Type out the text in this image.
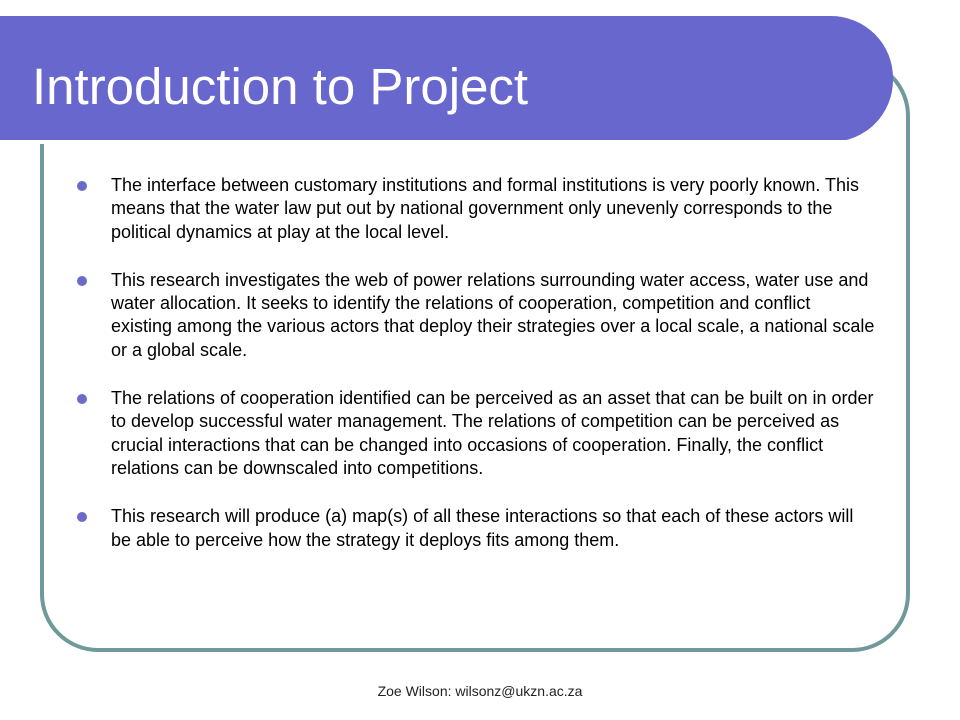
Introduction to Project
The interface between customary institutions and formal institutions is very poorly known. This means that the water law put out by national government only unevenly corresponds to the political dynamics at play at the local level.
This research investigates the web of power relations surrounding water access, water use and water allocation. It seeks to identify the relations of cooperation, competition and conflict existing among the various actors that deploy their strategies over a local scale, a national scale or a global scale.
The relations of cooperation identified can be perceived as an asset that can be built on in order to develop successful water management. The relations of competition can be perceived as crucial interactions that can be changed into occasions of cooperation. Finally, the conflict relations can be downscaled into competitions.
This research will produce (a) map(s) of all these interactions so that each of these actors will be able to perceive how the strategy it deploys fits among them.
Zoe Wilson: wilsonz@ukzn.ac.za
